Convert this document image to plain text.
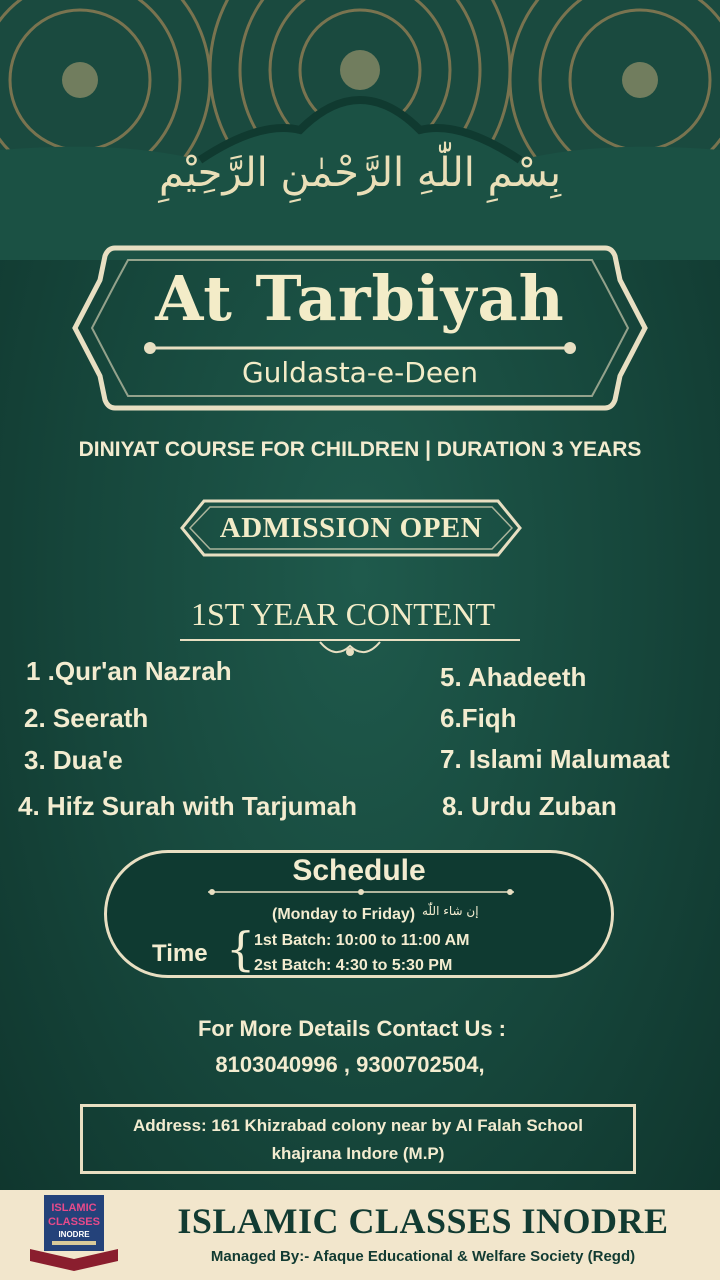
بِسْمِ اللّٰهِ الرَّحْمٰنِ الرَّحِيْمِ
At Tarbiyah
Guldasta-e-Deen
DINIYAT COURSE FOR CHILDREN | DURATION 3 YEARS
ADMISSION OPEN
1ST YEAR CONTENT
1 .Qur'an Nazrah
2. Seerath
3. Dua'e
4. Hifz Surah with Tarjumah
5. Ahadeeth
6.Fiqh
7. Islami Malumaat
8. Urdu Zuban
Schedule
(Monday to Friday) إن شاء اللّٰه
Time {
1st Batch: 10:00 to 11:00 AM
2st Batch: 4:30 to 5:30 PM
For More Details Contact Us :
8103040996 , 9300702504,
Address: 161 Khizrabad colony near by Al Falah School
khajrana Indore (M.P)
ISLAMIC
CLASSES
INODRE	ISLAMIC CLASSES INODRE
Managed By:- Afaque Educational & Welfare Society (Regd)
